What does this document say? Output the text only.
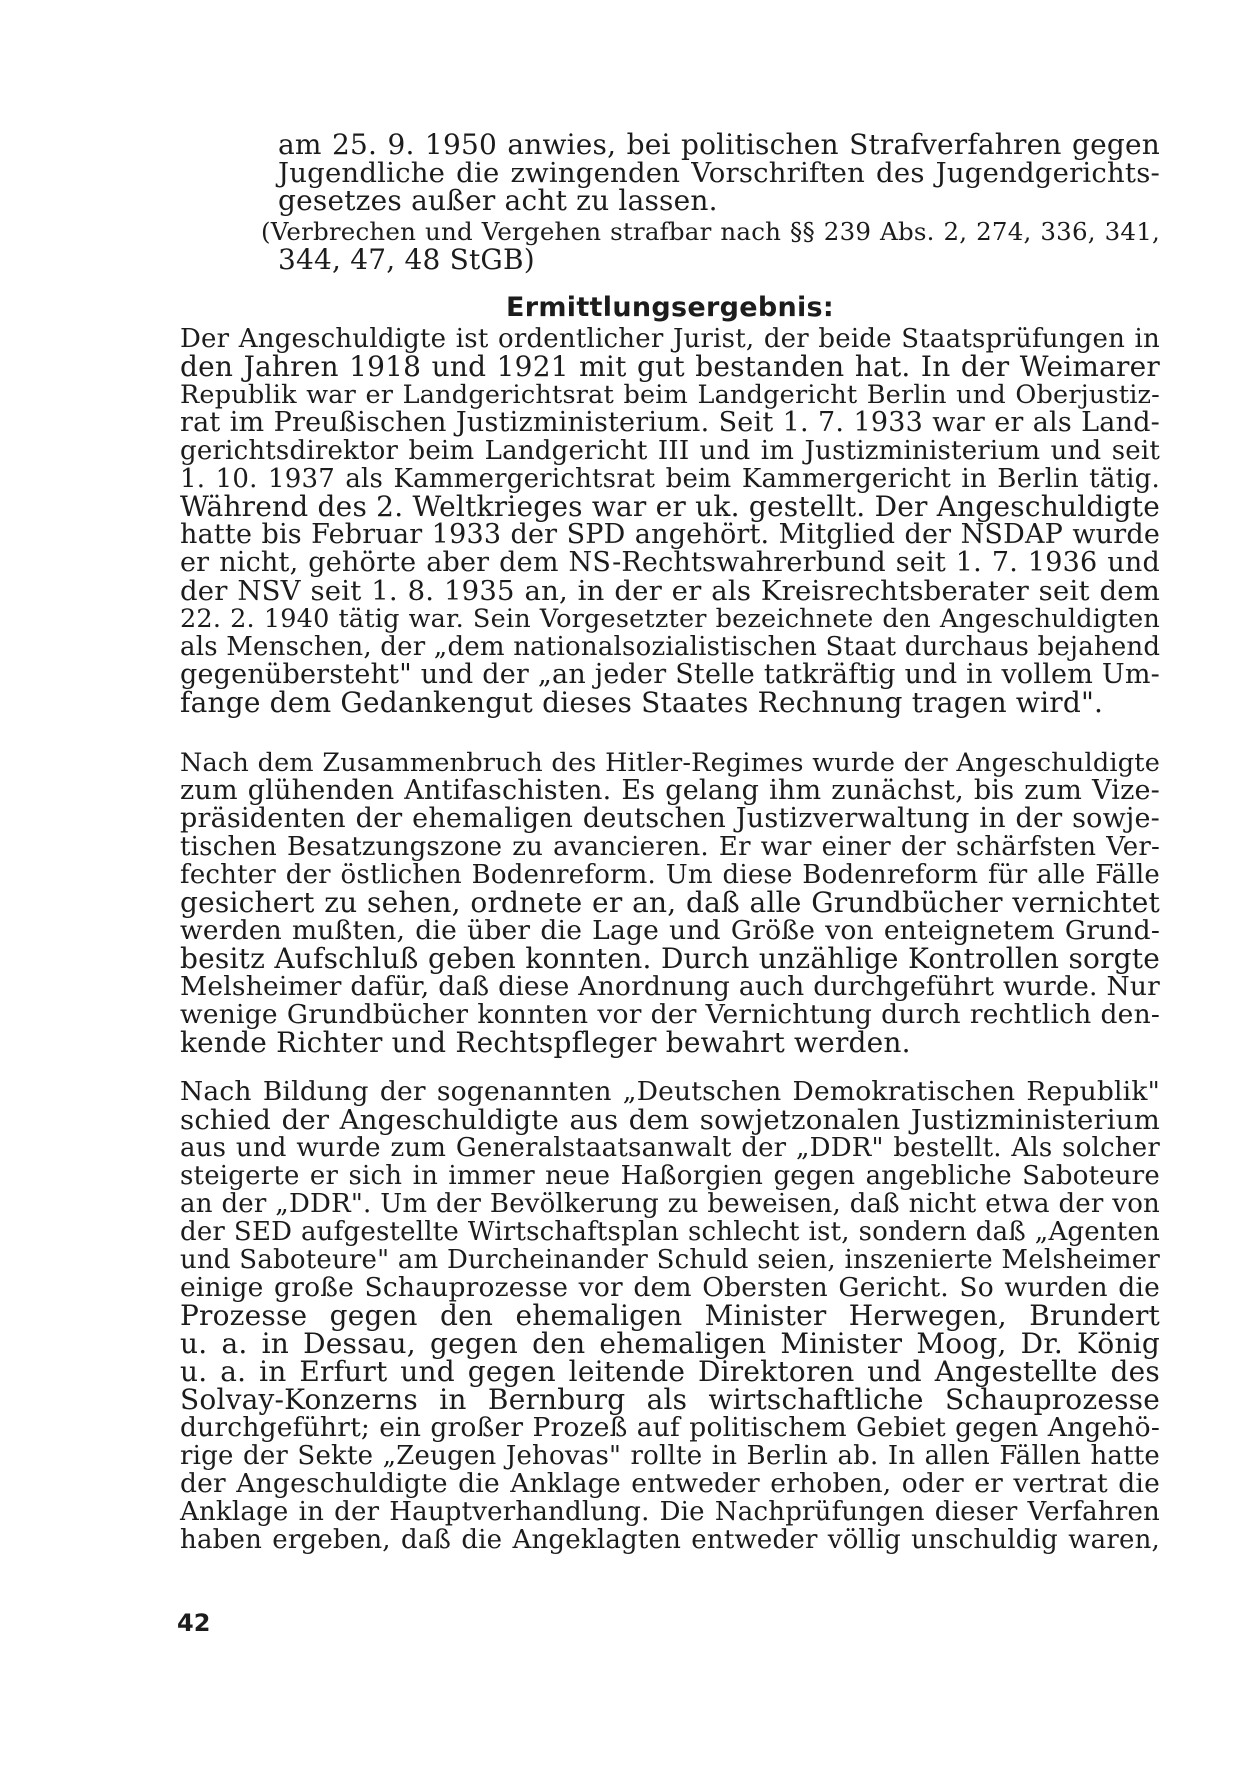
am 25. 9. 1950 anwies, bei politischen Strafverfahren gegen
Jugendliche die zwingenden Vorschriften des Jugendgerichts-
gesetzes außer acht zu lassen.
(Verbrechen und Vergehen strafbar nach §§ 239 Abs. 2, 274, 336, 341,
344, 47, 48 StGB)
Ermittlungsergebnis:
Der Angeschuldigte ist ordentlicher Jurist, der beide Staatsprüfungen in
den Jahren 1918 und 1921 mit gut bestanden hat. In der Weimarer
Republik war er Landgerichtsrat beim Landgericht Berlin und Oberjustiz-
rat im Preußischen Justizministerium. Seit 1. 7. 1933 war er als Land-
gerichtsdirektor beim Landgericht III und im Justizministerium und seit
1. 10. 1937 als Kammergerichtsrat beim Kammergericht in Berlin tätig.
Während des 2. Weltkrieges war er uk. gestellt. Der Angeschuldigte
hatte bis Februar 1933 der SPD angehört. Mitglied der NSDAP wurde
er nicht, gehörte aber dem NS-Rechtswahrerbund seit 1. 7. 1936 und
der NSV seit 1. 8. 1935 an, in der er als Kreisrechtsberater seit dem
22. 2. 1940 tätig war. Sein Vorgesetzter bezeichnete den Angeschuldigten
als Menschen, der „dem nationalsozialistischen Staat durchaus bejahend
gegenübersteht" und der „an jeder Stelle tatkräftig und in vollem Um-
fange dem Gedankengut dieses Staates Rechnung tragen wird".
Nach dem Zusammenbruch des Hitler-Regimes wurde der Angeschuldigte
zum glühenden Antifaschisten. Es gelang ihm zunächst, bis zum Vize-
präsidenten der ehemaligen deutschen Justizverwaltung in der sowje-
tischen Besatzungszone zu avancieren. Er war einer der schärfsten Ver-
fechter der östlichen Bodenreform. Um diese Bodenreform für alle Fälle
gesichert zu sehen, ordnete er an, daß alle Grundbücher vernichtet
werden mußten, die über die Lage und Größe von enteignetem Grund-
besitz Aufschluß geben konnten. Durch unzählige Kontrollen sorgte
Melsheimer dafür, daß diese Anordnung auch durchgeführt wurde. Nur
wenige Grundbücher konnten vor der Vernichtung durch rechtlich den-
kende Richter und Rechtspfleger bewahrt werden.
Nach Bildung der sogenannten „Deutschen Demokratischen Republik"
schied der Angeschuldigte aus dem sowjetzonalen Justizministerium
aus und wurde zum Generalstaatsanwalt der „DDR" bestellt. Als solcher
steigerte er sich in immer neue Haßorgien gegen angebliche Saboteure
an der „DDR". Um der Bevölkerung zu beweisen, daß nicht etwa der von
der SED aufgestellte Wirtschaftsplan schlecht ist, sondern daß „Agenten
und Saboteure" am Durcheinander Schuld seien, inszenierte Melsheimer
einige große Schauprozesse vor dem Obersten Gericht. So wurden die
Prozesse gegen den ehemaligen Minister Herwegen, Brundert
u. a. in Dessau, gegen den ehemaligen Minister Moog, Dr. König
u. a. in Erfurt und gegen leitende Direktoren und Angestellte des
Solvay-Konzerns in Bernburg als wirtschaftliche Schauprozesse
durchgeführt; ein großer Prozeß auf politischem Gebiet gegen Angehö-
rige der Sekte „Zeugen Jehovas" rollte in Berlin ab. In allen Fällen hatte
der Angeschuldigte die Anklage entweder erhoben, oder er vertrat die
Anklage in der Hauptverhandlung. Die Nachprüfungen dieser Verfahren
haben ergeben, daß die Angeklagten entweder völlig unschuldig waren,
42
